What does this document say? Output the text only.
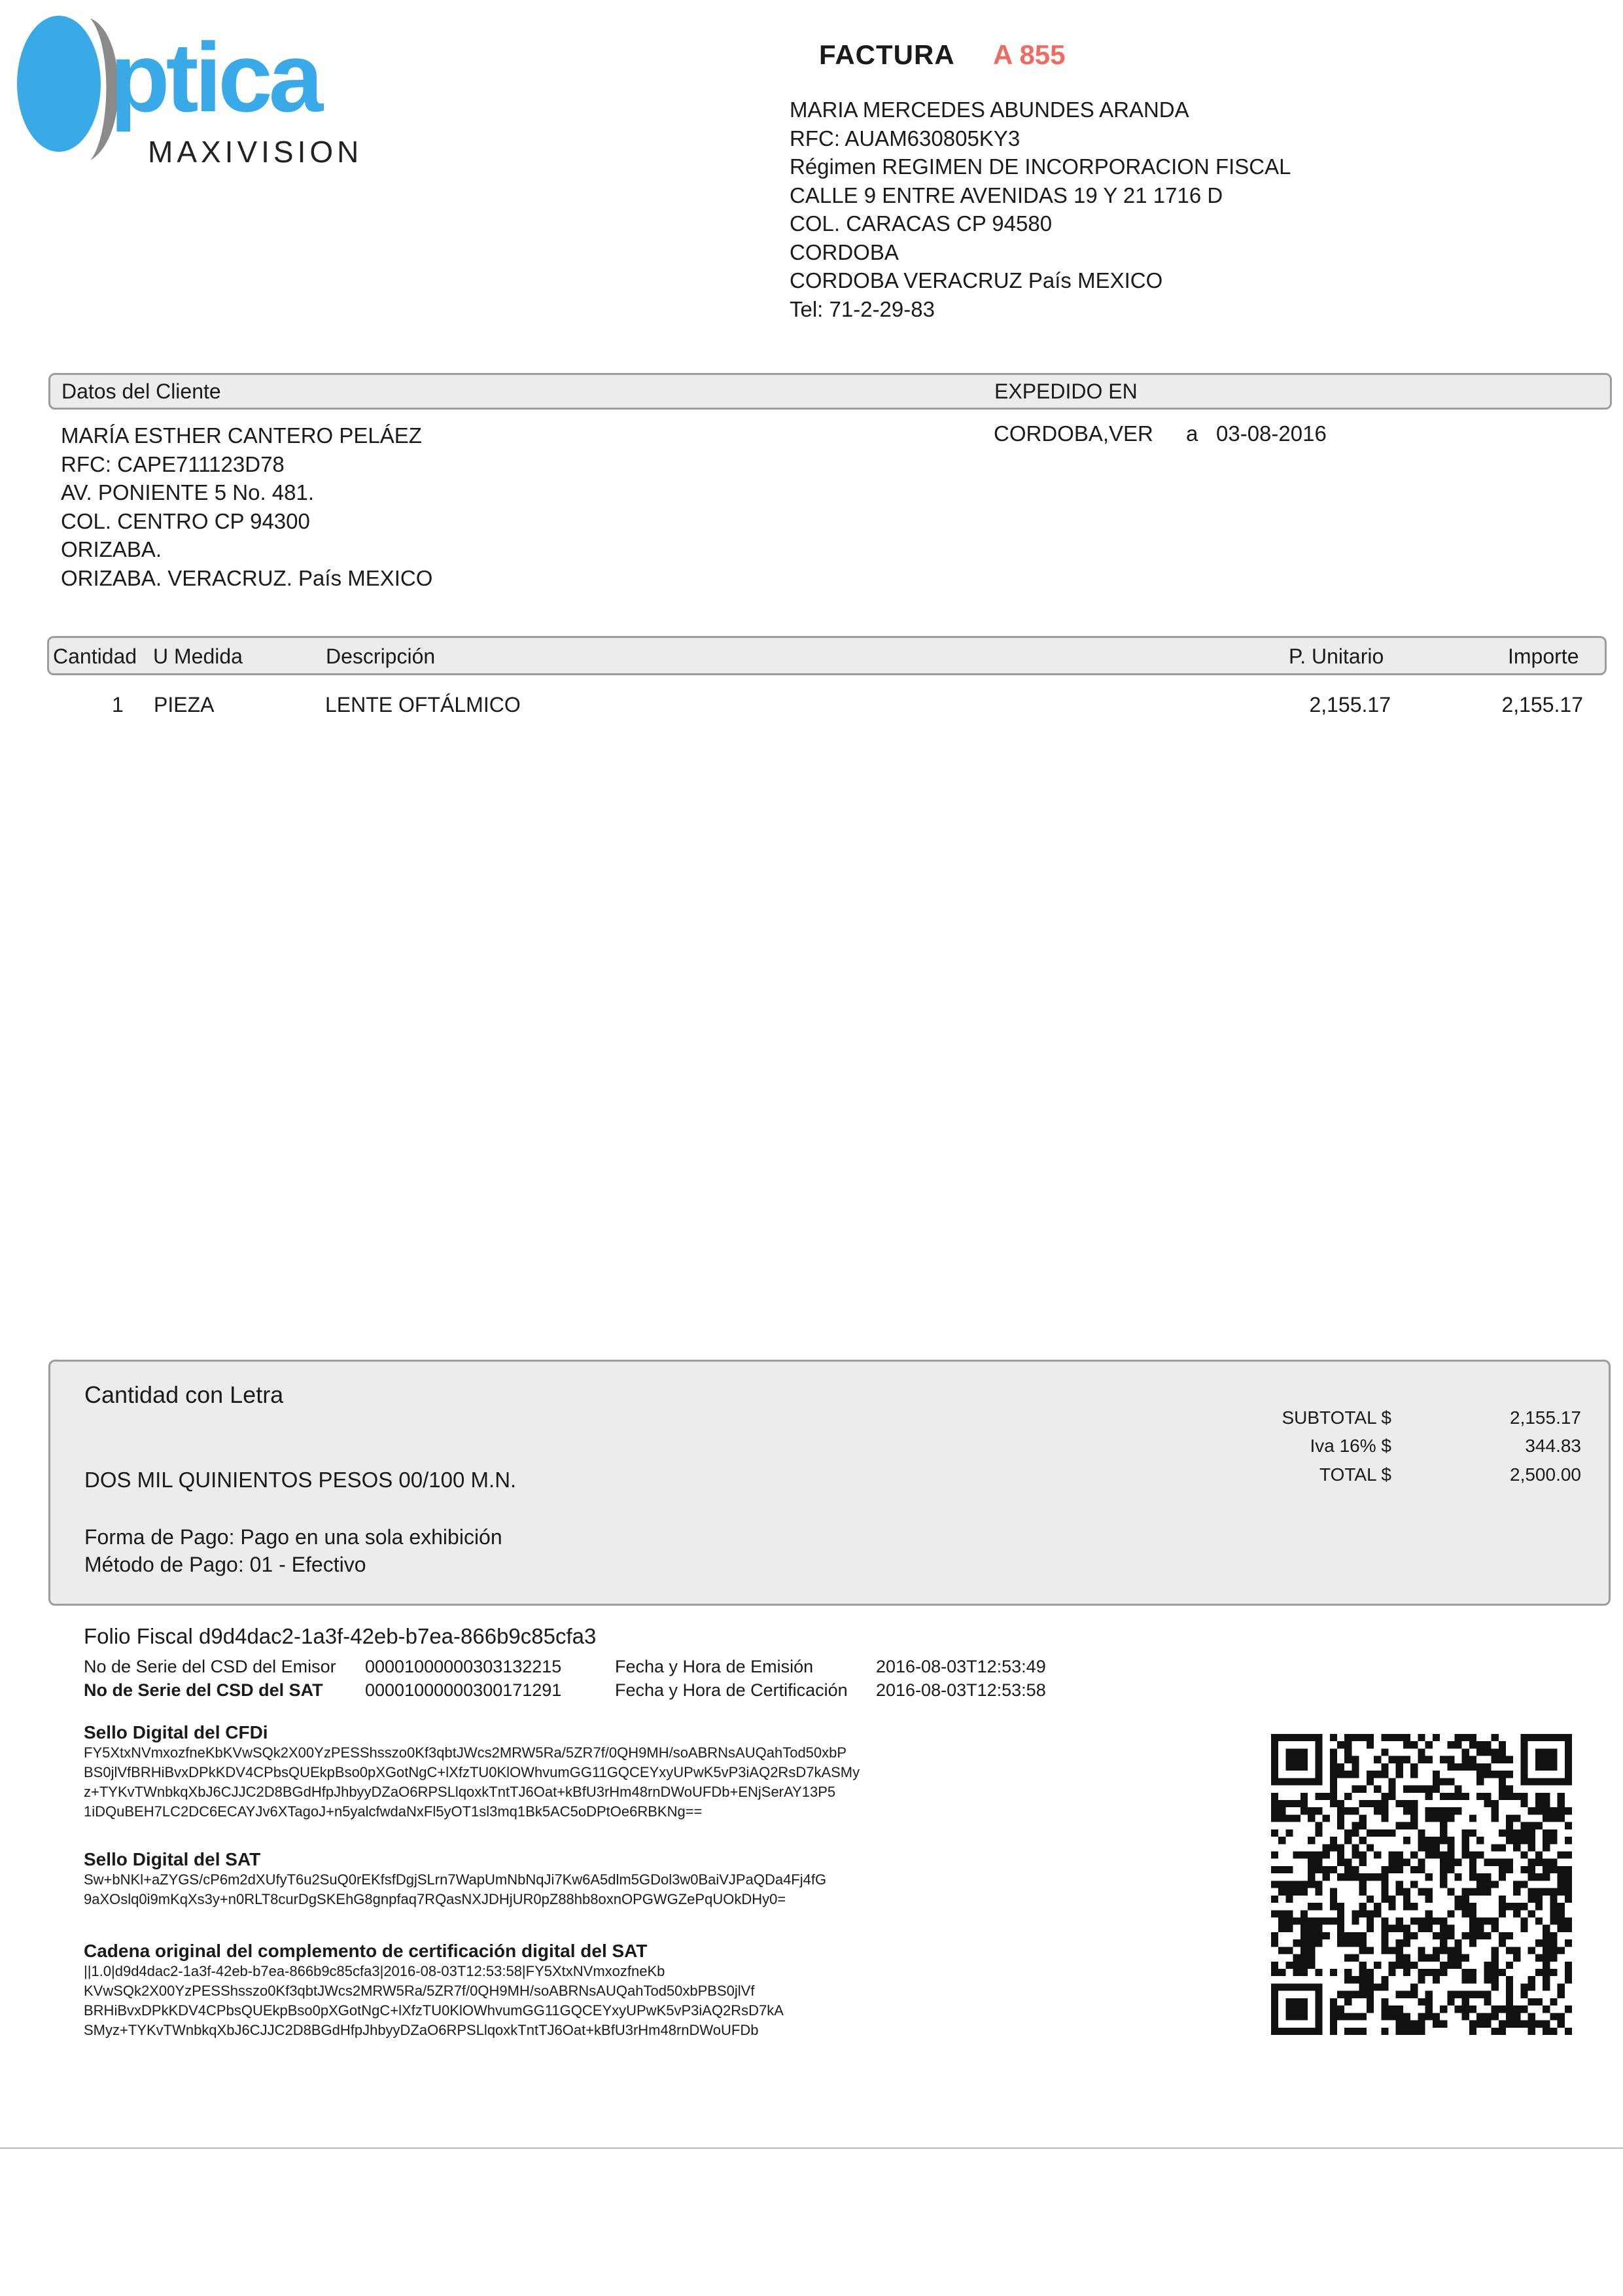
ptica
MAXIVISION
FACTURA A 855
MARIA MERCEDES ABUNDES ARANDA
RFC: AUAM630805KY3
Régimen REGIMEN DE INCORPORACION FISCAL
CALLE 9 ENTRE AVENIDAS 19 Y 21 1716 D
COL. CARACAS CP 94580
CORDOBA
CORDOBA VERACRUZ País MEXICO
Tel: 71-2-29-83
Datos del Cliente	EXPEDIDO EN
MARÍA ESTHER CANTERO PELÁEZ
RFC: CAPE711123D78
AV. PONIENTE 5 No. 481.
COL. CENTRO CP 94300
ORIZABA.
ORIZABA. VERACRUZ. País MEXICO
CORDOBA,VER a 03-08-2016
Cantidad U Medida	Descripción	P. Unitario	Importe
1 PIEZA	LENTE OFTÁLMICO	2,155.17	2,155.17
Cantidad con Letra
DOS MIL QUINIENTOS PESOS 00/100 M.N.
Forma de Pago: Pago en una sola exhibición
Método de Pago: 01 - Efectivo
SUBTOTAL $	2,155.17
Iva 16% $	344.83
TOTAL $	2,500.00
Folio Fiscal d9d4dac2-1a3f-42eb-b7ea-866b9c85cfa3
No de Serie del CSD del Emisor 00001000000303132215	Fecha y Hora de Emisión	2016-08-03T12:53:49
No de Serie del CSD del SAT 00001000000300171291	Fecha y Hora de Certificación 2016-08-03T12:53:58
Sello Digital del CFDi
FY5XtxNVmxozfneKbKVwSQk2X00YzPESShsszo0Kf3qbtJWcs2MRW5Ra/5ZR7f/0QH9MH/soABRNsAUQahTod50xbP
BS0jlVfBRHiBvxDPkKDV4CPbsQUEkpBso0pXGotNgC+lXfzTU0KlOWhvumGG11GQCEYxyUPwK5vP3iAQ2RsD7kASMy
z+TYKvTWnbkqXbJ6CJJC2D8BGdHfpJhbyyDZaO6RPSLlqoxkTntTJ6Oat+kBfU3rHm48rnDWoUFDb+ENjSerAY13P5
1iDQuBEH7LC2DC6ECAYJv6XTagoJ+n5yalcfwdaNxFl5yOT1sl3mq1Bk5AC5oDPtOe6RBKNg==
Sello Digital del SAT
Sw+bNKl+aZYGS/cP6m2dXUfyT6u2SuQ0rEKfsfDgjSLrn7WapUmNbNqJi7Kw6A5dlm5GDol3w0BaiVJPaQDa4Fj4fG
9aXOslq0i9mKqXs3y+n0RLT8curDgSKEhG8gnpfaq7RQasNXJDHjUR0pZ88hb8oxnOPGWGZePqUOkDHy0=
Cadena original del complemento de certificación digital del SAT
||1.0|d9d4dac2-1a3f-42eb-b7ea-866b9c85cfa3|2016-08-03T12:53:58|FY5XtxNVmxozfneKb
KVwSQk2X00YzPESShsszo0Kf3qbtJWcs2MRW5Ra/5ZR7f/0QH9MH/soABRNsAUQahTod50xbPBS0jlVf
BRHiBvxDPkKDV4CPbsQUEkpBso0pXGotNgC+lXfzTU0KlOWhvumGG11GQCEYxyUPwK5vP3iAQ2RsD7kA
SMyz+TYKvTWnbkqXbJ6CJJC2D8BGdHfpJhbyyDZaO6RPSLlqoxkTntTJ6Oat+kBfU3rHm48rnDWoUFDb
